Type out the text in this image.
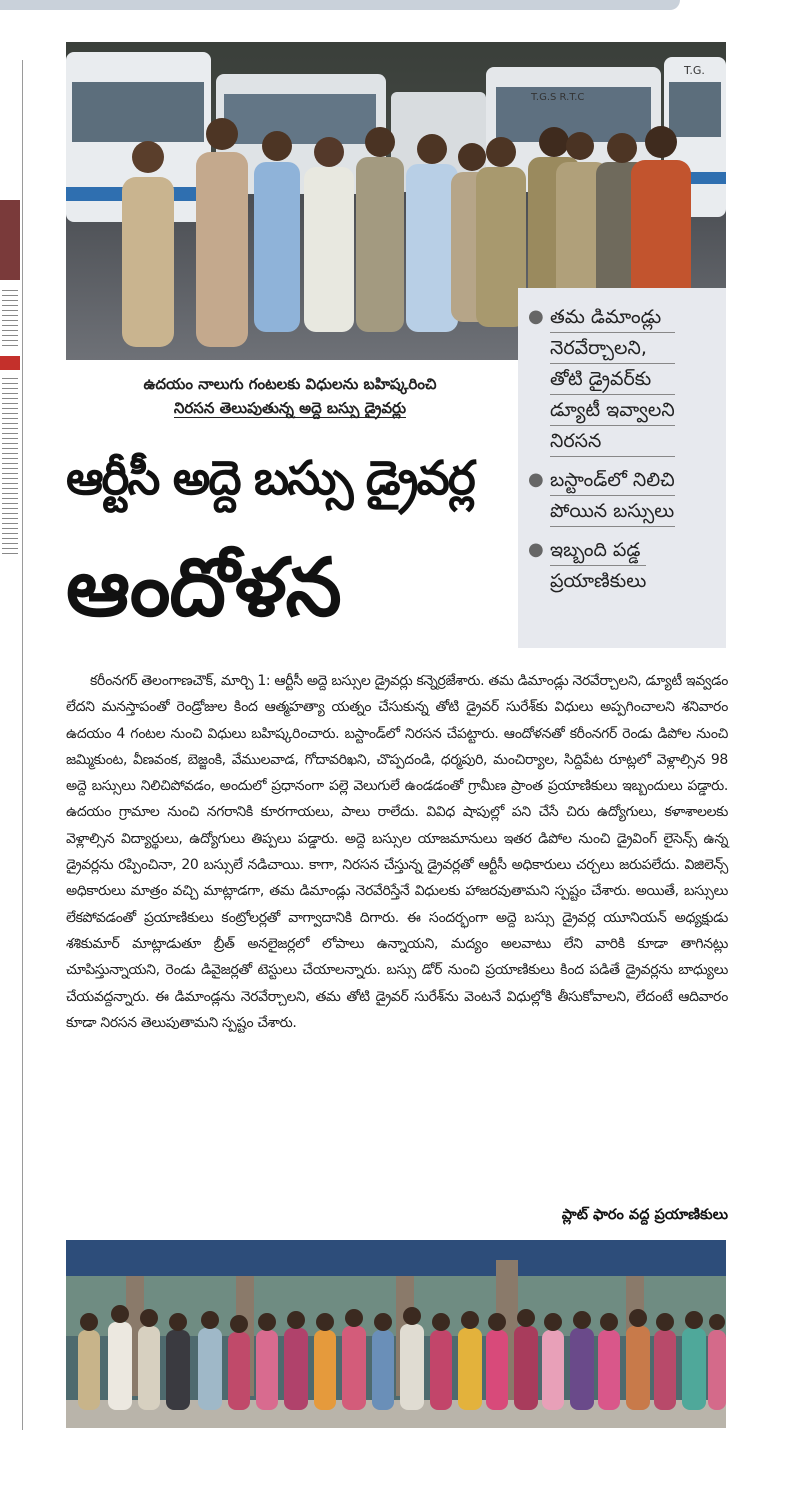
T.G.S R.T.C
T.G.
ఉదయం నాలుగు గంటలకు విధులను బహిష్కరించి
నిరసన తెలుపుతున్న అద్దె బస్సు డ్రైవర్లు
ఆర్టీసీ అద్దె బస్సు డ్రైవర్ల
ఆందోళన
● తమ డిమాండ్లు
నెరవేర్చాలని,
తోటి డ్రైవర్‌కు
డ్యూటీ ఇవ్వాలని
నిరసన
● బస్టాండ్‌లో నిలిచి
పోయిన బస్సులు
● ఇబ్బంది పడ్డ
ప్రయాణికులు
కరీంనగర్ తెలంగాణచౌక్, మార్చి 1: ఆర్టీసీ అద్దె బస్సుల డ్రైవర్లు కన్నెర్రజేశారు. తమ డిమాండ్లు నెరవేర్చాలని, డ్యూటీ ఇవ్వడం లేదని మనస్తాపంతో రెండ్రోజుల కింద ఆత్మహత్యా యత్నం చేసుకున్న తోటి డ్రైవర్ సురేశ్‌కు విధులు అప్పగించాలని శనివారం ఉదయం 4 గంటల నుంచి విధులు బహిష్కరించారు. బస్టాండ్‌లో నిరసన చేపట్టారు. ఆందోళనతో కరీంనగర్ రెండు డిపోల నుంచి జమ్మికుంట, వీణవంక, బెజ్జంకి, వేములవాడ, గోదావరిఖని, చొప్పదండి, ధర్మపురి, మంచిర్యాల, సిద్దిపేట రూట్లలో వెళ్లాల్సిన 98 అద్దె బస్సులు నిలిచిపోవడం, అందులో ప్రధానంగా పల్లె వెలుగులే ఉండడంతో గ్రామీణ ప్రాంత ప్రయాణికులు ఇబ్బందులు పడ్డారు. ఉదయం గ్రామాల నుంచి నగరానికి కూరగాయలు, పాలు రాలేదు. వివిధ షాపుల్లో పని చేసే చిరు ఉద్యోగులు, కళాశాలలకు వెళ్లాల్సిన విద్యార్థులు, ఉద్యోగులు తిప్పలు పడ్డారు. అద్దె బస్సుల యాజమానులు ఇతర డిపోల నుంచి డ్రైవింగ్ లైసెన్స్ ఉన్న డ్రైవర్లను రప్పించినా, 20 బస్సులే నడిచాయి. కాగా, నిరసన చేస్తున్న డ్రైవర్లతో ఆర్టీసీ అధికారులు చర్చలు జరుపలేదు. విజిలెన్స్ అధికారులు మాత్రం వచ్చి మాట్లాడగా, తమ డిమాండ్లు నెరవేరిస్తేనే విధులకు హాజరవుతామని స్పష్టం చేశారు. అయితే, బస్సులు లేకపోవడంతో ప్రయాణికులు కంట్రోలర్లతో వాగ్వాదానికి దిగారు. ఈ సందర్భంగా అద్దె బస్సు డ్రైవర్ల యూనియన్ అధ్యక్షుడు శశికుమార్ మాట్లాడుతూ బ్రీత్ అనలైజర్లలో లోపాలు ఉన్నాయని, మద్యం అలవాటు లేని వారికి కూడా తాగినట్లు చూపిస్తున్నాయని, రెండు డివైజర్లతో టెస్టులు చేయాలన్నారు. బస్సు డోర్ నుంచి ప్రయాణికులు కింద పడితే డ్రైవర్లను బాధ్యులు చేయవద్దన్నారు. ఈ డిమాండ్లను నెరవేర్చాలని, తమ తోటి డ్రైవర్ సురేశ్‌ను వెంటనే విధుల్లోకి తీసుకోవాలని, లేదంటే ఆదివారం కూడా నిరసన తెలుపుతామని స్పష్టం చేశారు.
ప్లాట్ ఫారం వద్ద ప్రయాణికులు
